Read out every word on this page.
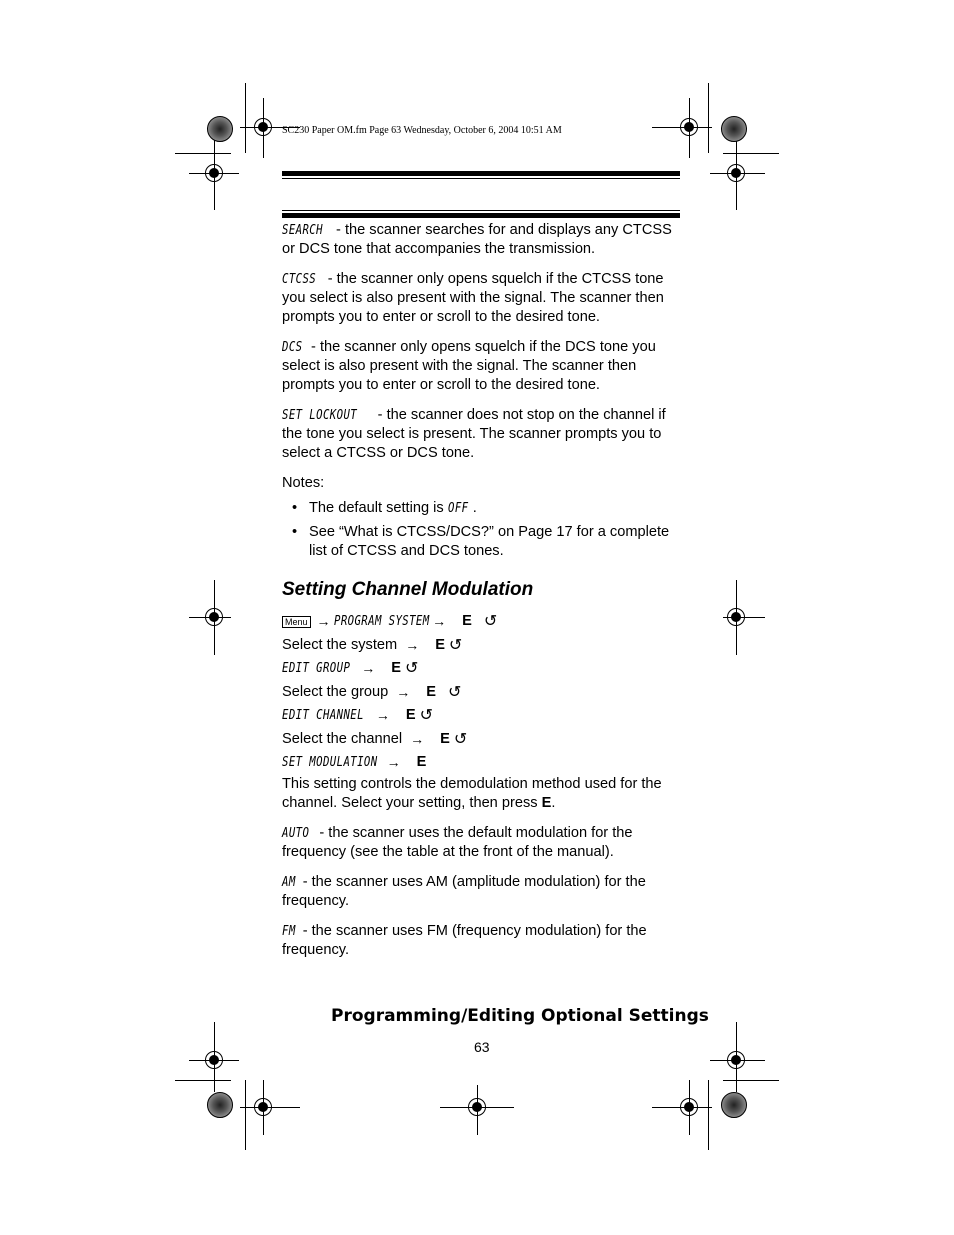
SC230 Paper OM.fm Page 63 Wednesday, October 6, 2004 10:51 AM

SEARCH - the scanner searches for and displays any CTCSS or DCS tone that accompanies the transmission.

CTCSS - the scanner only opens squelch if the CTCSS tone you select is also present with the signal. The scanner then prompts you to enter or scroll to the desired tone.

DCS - the scanner only opens squelch if the DCS tone you select is also present with the signal. The scanner then prompts you to enter or scroll to the desired tone.

SET LOCKOUT - the scanner does not stop on the channel if the tone you select is present. The scanner prompts you to select a CTCSS or DCS tone.

Notes:

• The default setting is OFF .
• See “What is CTCSS/DCS?” on Page 17 for a complete list of CTCSS and DCS tones.
Setting Channel Modulation
Menu → PROGRAM SYSTEM → E ↺
Select the system → E ↺
EDIT GROUP → E ↺
Select the group → E ↺
EDIT CHANNEL → E ↺
Select the channel → E ↺
SET MODULATION → E

This setting controls the demodulation method used for the channel. Select your setting, then press E.

AUTO - the scanner uses the default modulation for the frequency (see the table at the front of the manual).

AM - the scanner uses AM (amplitude modulation) for the frequency.

FM - the scanner uses FM (frequency modulation) for the frequency.

Programming/Editing Optional Settings
63
